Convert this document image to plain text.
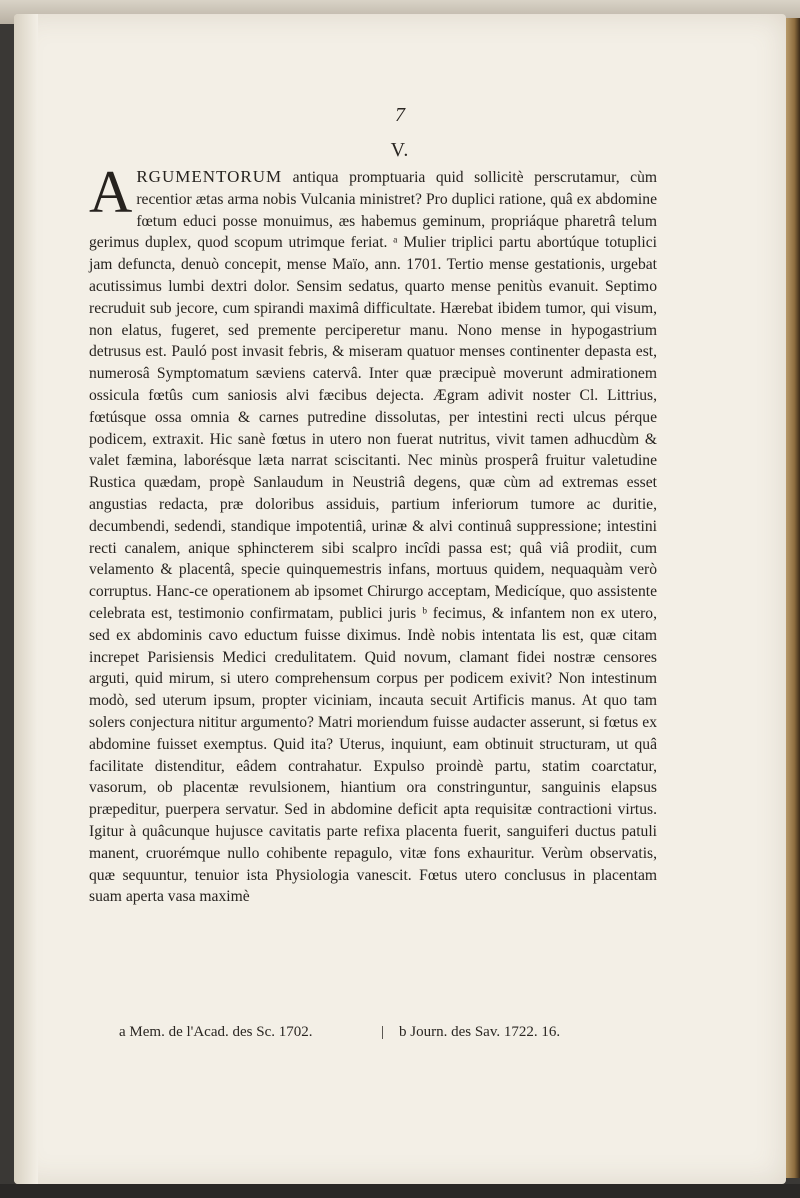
7
V.
ARGUMENTORUM antiqua promptuaria quid sollicitè perscrutamur, cùm recentior ætas arma nobis Vulcania ministret? Pro duplici ratione, quâ ex abdomine fœtum educi posse monuimus, æs habemus geminum, propriáque pharetrâ telum gerimus duplex, quod scopum utrimque feriat. ᵃ Mulier triplici partu abortúque totuplici jam defuncta, denuò concepit, mense Maïo, ann. 1701. Tertio mense gestationis, urgebat acutissimus lumbi dextri dolor. Sensim sedatus, quarto mense penitùs evanuit. Septimo recruduit sub jecore, cum spirandi maximâ difficultate. Hærebat ibidem tumor, qui visum, non elatus, fugeret, sed premente perciperetur manu. Nono mense in hypogastrium detrusus est. Pauló post invasit febris, & miseram quatuor menses continenter depasta est, numerosâ Symptomatum sæviens catervâ. Inter quæ præcipuè moverunt admirationem ossicula fœtûs cum saniosis alvi fæcibus dejecta. Ægram adivit noster Cl. Littrius, fœtúsque ossa omnia & carnes putredine dissolutas, per intestini recti ulcus pérque podicem, extraxit. Hic sanè fœtus in utero non fuerat nutritus, vivit tamen adhucdùm & valet fæmina, laborésque læta narrat sciscitanti. Nec minùs prosperâ fruitur valetudine Rustica quædam, propè Sanlaudum in Neustriâ degens, quæ cùm ad extremas esset angustias redacta, præ doloribus assiduis, partium inferiorum tumore ac duritie, decumbendi, sedendi, standique impotentiâ, urinæ & alvi continuâ suppressione; intestini recti canalem, anique sphincterem sibi scalpro incîdi passa est; quâ viâ prodiit, cum velamento & placentâ, specie quinquemestris infans, mortuus quidem, nequaquàm verò corruptus. Hanc-ce operationem ab ipsomet Chirurgo acceptam, Medicíque, quo assistente celebrata est, testimonio confirmatam, publici juris ᵇ fecimus, & infantem non ex utero, sed ex abdominis cavo eductum fuisse diximus. Indè nobis intentata lis est, quæ citam increpet Parisiensis Medici credulitatem. Quid novum, clamant fidei nostræ censores arguti, quid mirum, si utero comprehensum corpus per podicem exivit? Non intestinum modò, sed uterum ipsum, propter viciniam, incauta secuit Artificis manus. At quo tam solers conjectura nititur argumento? Matri moriendum fuisse audacter asserunt, si fœtus ex abdomine fuisset exemptus. Quid ita? Uterus, inquiunt, eam obtinuit structuram, ut quâ facilitate distenditur, eâdem contrahatur. Expulso proindè partu, statim coarctatur, vasorum, ob placentæ revulsionem, hiantium ora constringuntur, sanguinis elapsus præpeditur, puerpera servatur. Sed in abdomine deficit apta requisitæ contractioni virtus. Igitur à quâcunque hujusce cavitatis parte refixa placenta fuerit, sanguiferi ductus patuli manent, cruorémque nullo cohibente repagulo, vitæ fons exhauritur. Verùm observatis, quæ sequuntur, tenuior ista Physiologia vanescit. Fœtus utero conclusus in placentam suam aperta vasa maximè
a Mem. de l'Acad. des Sc. 1702.	| b Journ. des Sav. 1722. 16.
